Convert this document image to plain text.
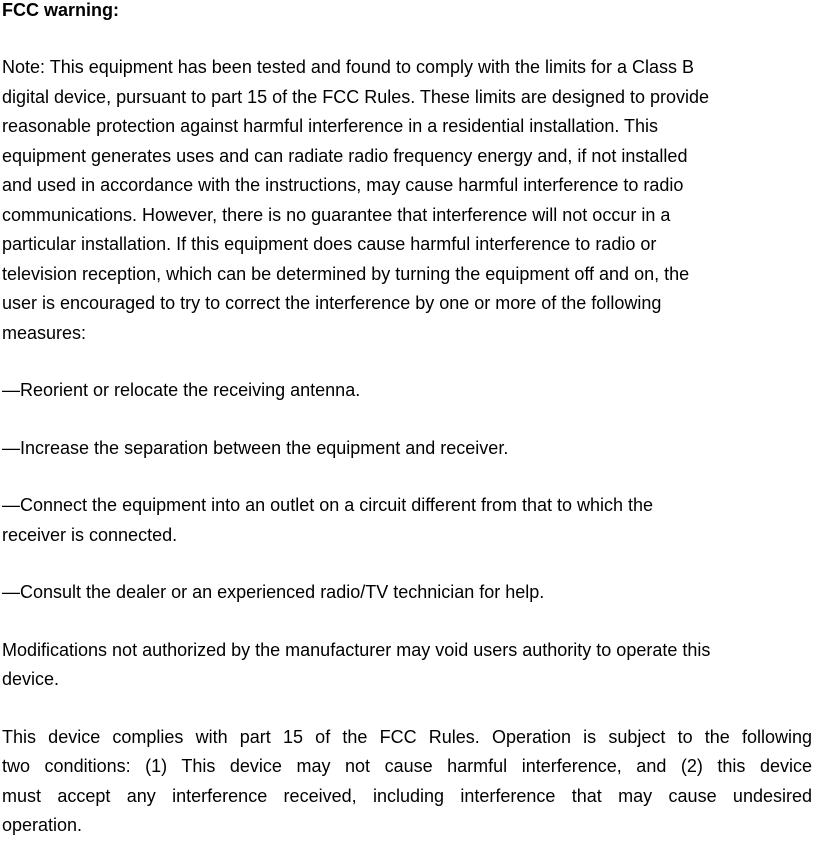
FCC warning:
Note: This equipment has been tested and found to comply with the limits for a Class B
digital device, pursuant to part 15 of the FCC Rules. These limits are designed to provide
reasonable protection against harmful interference in a residential installation. This
equipment generates uses and can radiate radio frequency energy and, if not installed
and used in accordance with the instructions, may cause harmful interference to radio
communications. However, there is no guarantee that interference will not occur in a
particular installation. If this equipment does cause harmful interference to radio or
television reception, which can be determined by turning the equipment off and on, the
user is encouraged to try to correct the interference by one or more of the following
measures:
—Reorient or relocate the receiving antenna.
—Increase the separation between the equipment and receiver.
—Connect the equipment into an outlet on a circuit different from that to which the
receiver is connected.
—Consult the dealer or an experienced radio/TV technician for help.
Modifications not authorized by the manufacturer may void users authority to operate this
device.
This device complies with part 15 of the FCC Rules. Operation is subject to the following
two conditions: (1) This device may not cause harmful interference, and (2) this device
must accept any interference received, including interference that may cause undesired
operation.
